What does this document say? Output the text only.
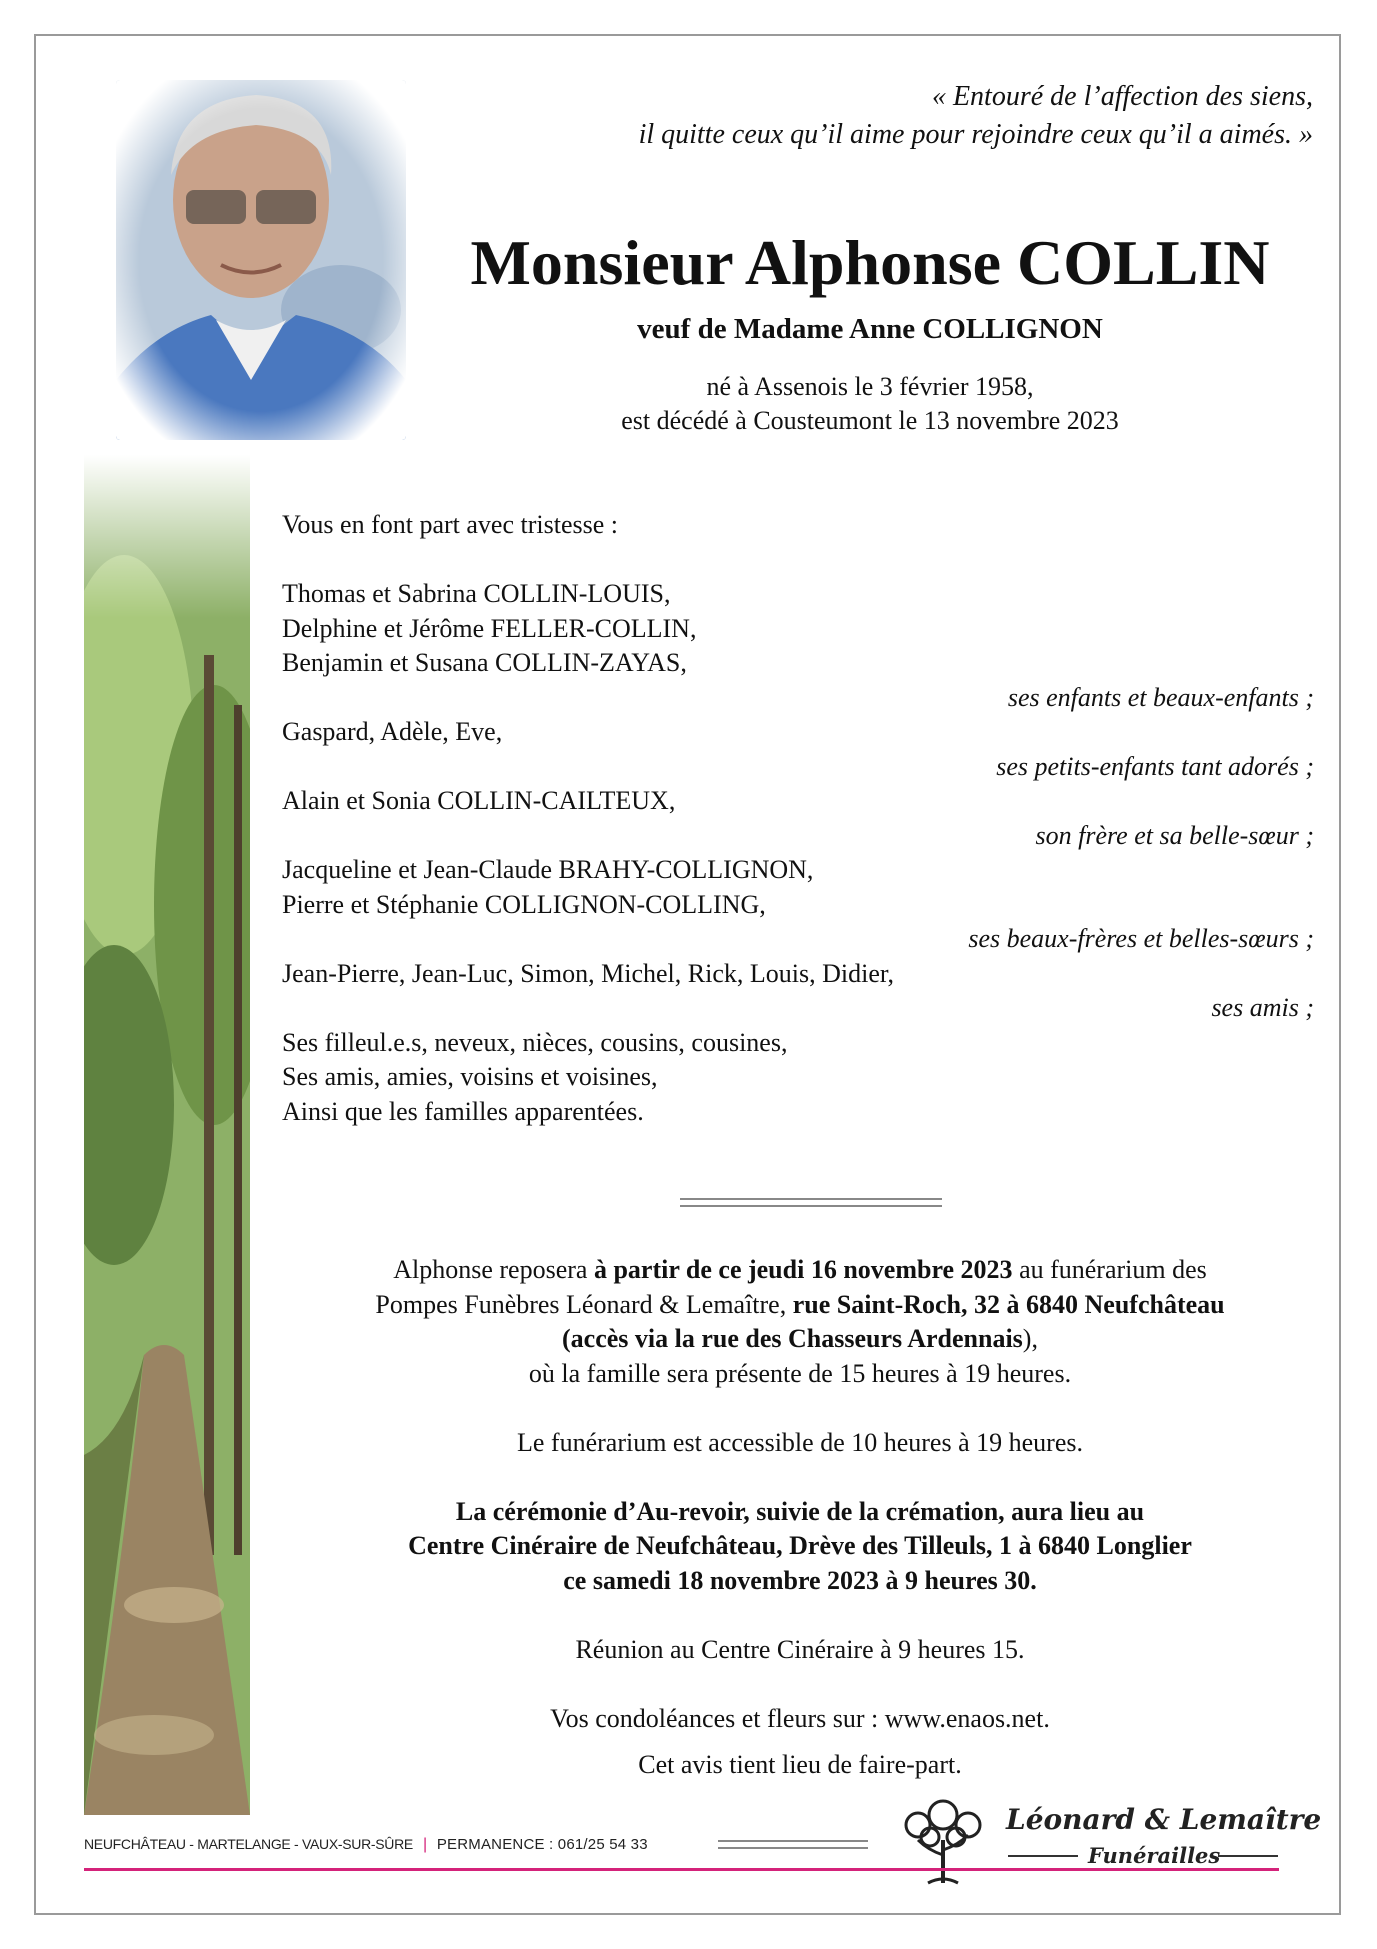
« Entouré de l’affection des siens,
il quitte ceux qu’il aime pour rejoindre ceux qu’il a aimés. »
Monsieur Alphonse COLLIN
veuf de Madame Anne COLLIGNON
né à Assenois le 3 février 1958,
est décédé à Cousteumont le 13 novembre 2023
Vous en font part avec tristesse :
Thomas et Sabrina COLLIN-LOUIS,
Delphine et Jérôme FELLER-COLLIN,
Benjamin et Susana COLLIN-ZAYAS,
ses enfants et beaux-enfants ;
Gaspard, Adèle, Eve,
ses petits-enfants tant adorés ;
Alain et Sonia COLLIN-CAILTEUX,
son frère et sa belle-sœur ;
Jacqueline et Jean-Claude BRAHY-COLLIGNON,
Pierre et Stéphanie COLLIGNON-COLLING,
ses beaux-frères et belles-sœurs ;
Jean-Pierre, Jean-Luc, Simon, Michel, Rick, Louis, Didier,
ses amis ;
Ses filleul.e.s, neveux, nièces, cousins, cousines,
Ses amis, amies, voisins et voisines,
Ainsi que les familles apparentées.

Alphonse reposera à partir de ce jeudi 16 novembre 2023 au funérarium des
Pompes Funèbres Léonard & Lemaître, rue Saint-Roch, 32 à 6840 Neufchâteau
(accès via la rue des Chasseurs Ardennais),
où la famille sera présente de 15 heures à 19 heures.

Le funérarium est accessible de 10 heures à 19 heures.

La cérémonie d’Au-revoir, suivie de la crémation, aura lieu au
Centre Cinéraire de Neufchâteau, Drève des Tilleuls, 1 à 6840 Longlier
ce samedi 18 novembre 2023 à 9 heures 30.

Réunion au Centre Cinéraire à 9 heures 15.

Vos condoléances et fleurs sur : www.enaos.net.

Cet avis tient lieu de faire-part.

NEUFCHÂTEAU - MARTELANGE - VAUX-SUR-SÛRE | PERMANENCE : 061/25 54 33
Léonard & Lemaître
Funérailles
